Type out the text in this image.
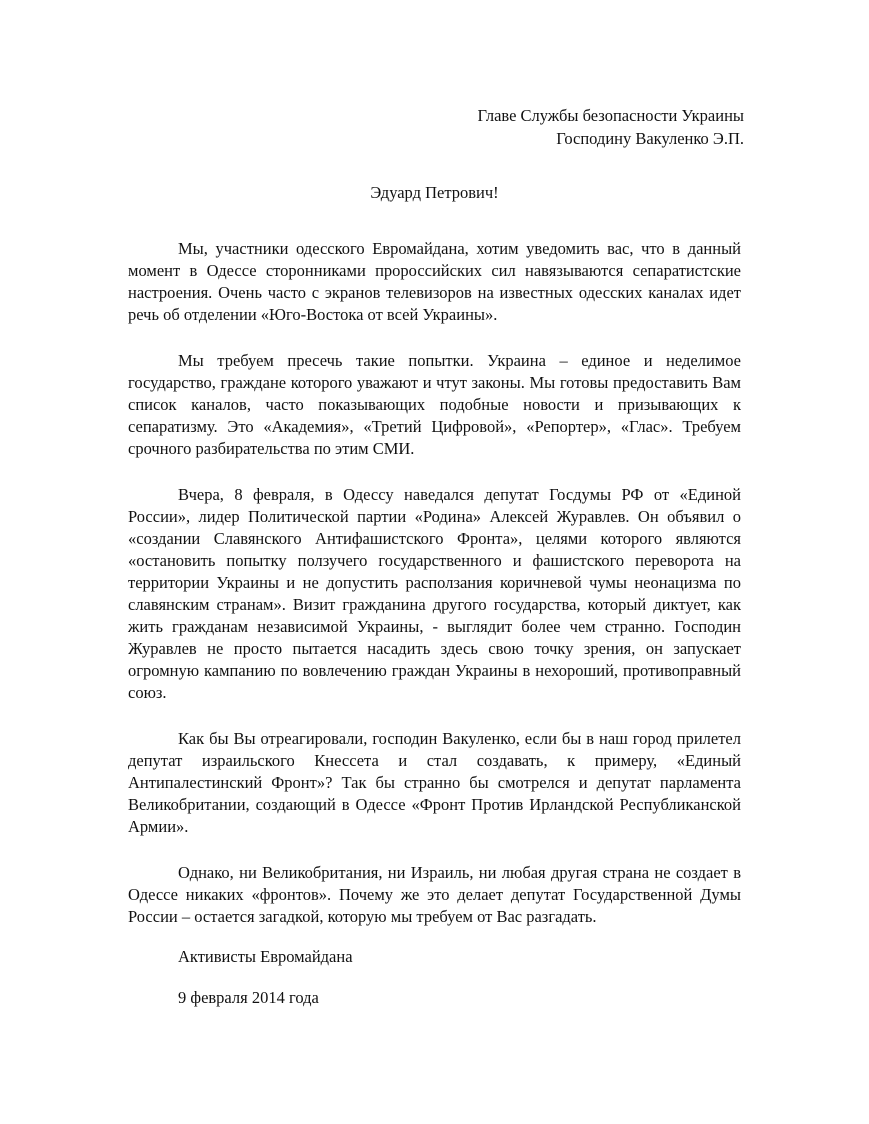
Главе Службы безопасности Украины
Господину Вакуленко Э.П.
Эдуард Петрович!

Мы, участники одесского Евромайдана, хотим уведомить вас, что в данный момент в Одессе сторонниками пророссийских сил навязываются сепаратистские настроения. Очень часто с экранов телевизоров на известных одесских каналах идет речь об отделении «Юго-Востока от всей Украины».

Мы требуем пресечь такие попытки. Украина – единое и неделимое государство, граждане которого уважают и чтут законы. Мы готовы предоставить Вам список каналов, часто показывающих подобные новости и призывающих к сепаратизму. Это «Академия», «Третий Цифровой», «Репортер», «Глас». Требуем срочного разбирательства по этим СМИ.

Вчера, 8 февраля, в Одессу наведался депутат Госдумы РФ от «Единой России», лидер Политической партии «Родина» Алексей Журавлев. Он объявил о «создании Славянского Антифашистского Фронта», целями которого являются «остановить попытку ползучего государственного и фашистского переворота на территории Украины и не допустить расползания коричневой чумы неонацизма по славянским странам». Визит гражданина другого государства, который диктует, как жить гражданам независимой Украины, - выглядит более чем странно. Господин Журавлев не просто пытается насадить здесь свою точку зрения, он запускает огромную кампанию по вовлечению граждан Украины в нехороший, противоправный союз.

Как бы Вы отреагировали, господин Вакуленко, если бы в наш город прилетел депутат израильского Кнессета и стал создавать, к примеру, «Единый Антипалестинский Фронт»? Так бы странно бы смотрелся и депутат парламента Великобритании, создающий в Одессе «Фронт Против Ирландской Республиканской Армии».

Однако, ни Великобритания, ни Израиль, ни любая другая страна не создает в Одессе никаких «фронтов». Почему же это делает депутат Государственной Думы России – остается загадкой, которую мы требуем от Вас разгадать.

Активисты Евромайдана
9 февраля 2014 года
